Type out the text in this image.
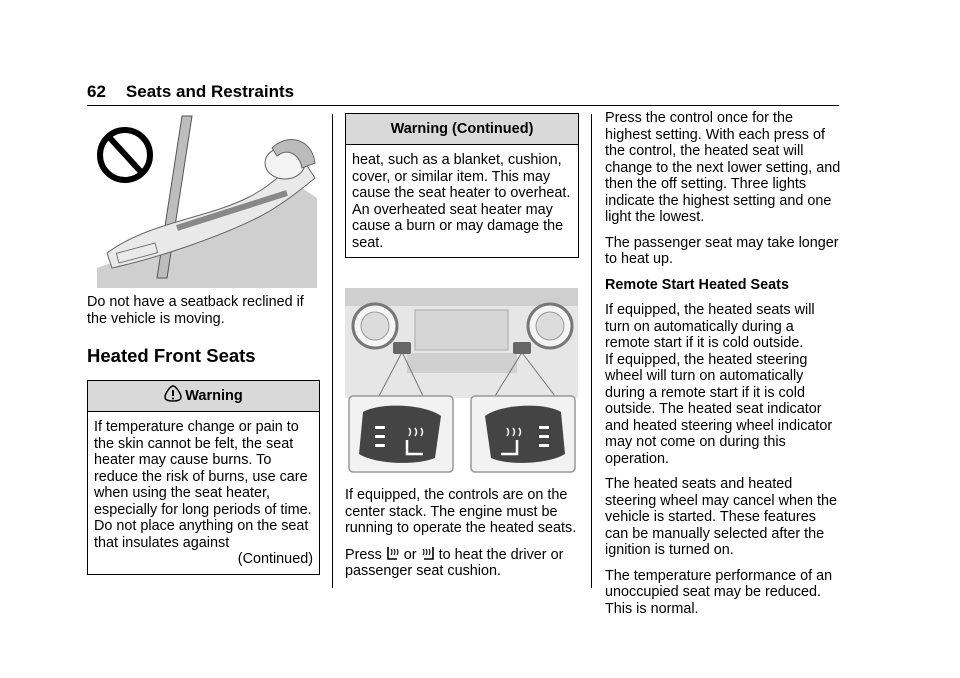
62 Seats and Restraints

Do not have a seatback reclined if the vehicle is moving.

Heated Front Seats
Warning
If temperature change or pain to the skin cannot be felt, the seat heater may cause burns. To reduce the risk of burns, use care when using the seat heater, especially for long periods of time. Do not place anything on the seat that insulates against
(Continued)
Warning (Continued)
heat, such as a blanket, cushion, cover, or similar item. This may cause the seat heater to overheat. An overheated seat heater may cause a burn or may damage the seat.

If equipped, the controls are on the center stack. The engine must be running to operate the heated seats.

Press or to heat the driver or passenger seat cushion.

Press the control once for the highest setting. With each press of the control, the heated seat will change to the next lower setting, and then the off setting. Three lights indicate the highest setting and one light the lowest.

The passenger seat may take longer to heat up.

Remote Start Heated Seats

If equipped, the heated seats will turn on automatically during a remote start if it is cold outside.
If equipped, the heated steering wheel will turn on automatically during a remote start if it is cold outside. The heated seat indicator and heated steering wheel indicator may not come on during this operation.

The heated seats and heated steering wheel may cancel when the vehicle is started. These features can be manually selected after the ignition is turned on.

The temperature performance of an unoccupied seat may be reduced. This is normal.
